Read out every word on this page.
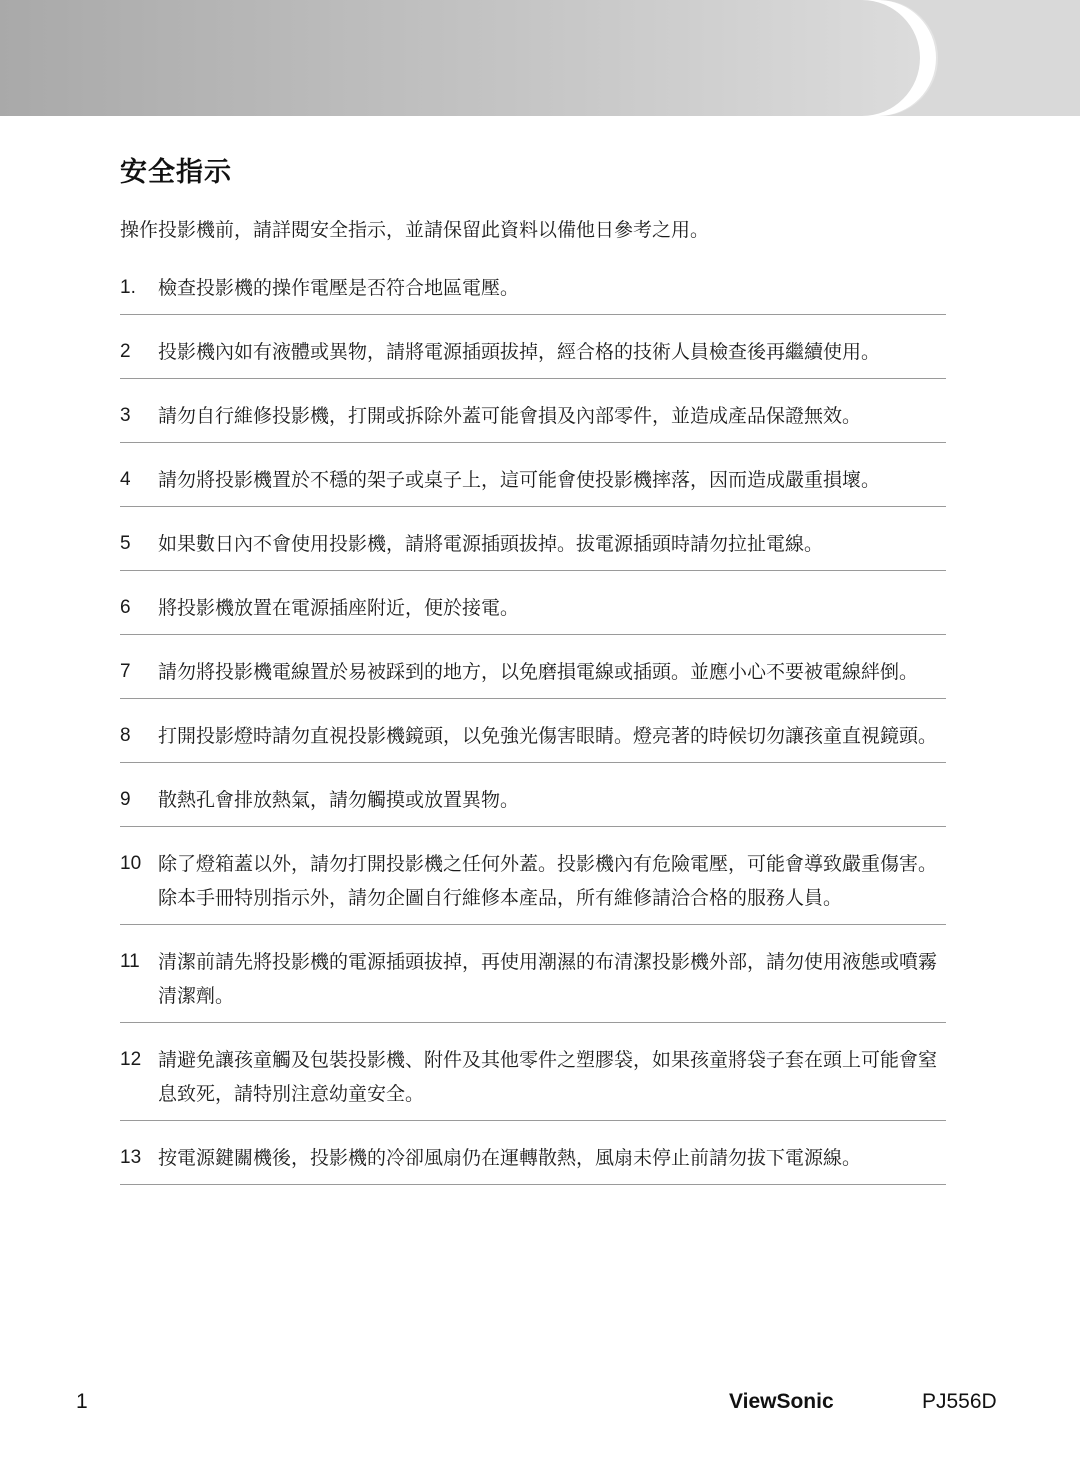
安全指示
操作投影機前，請詳閱安全指示，並請保留此資料以備他日參考之用。
1.	檢查投影機的操作電壓是否符合地區電壓。
2	投影機內如有液體或異物，請將電源插頭拔掉，經合格的技術人員檢查後再繼續使用。
3	請勿自行維修投影機，打開或拆除外蓋可能會損及內部零件，並造成產品保證無效。
4	請勿將投影機置於不穩的架子或桌子上，這可能會使投影機摔落，因而造成嚴重損壞。
5	如果數日內不會使用投影機，請將電源插頭拔掉。拔電源插頭時請勿拉扯電線。
6	將投影機放置在電源插座附近，便於接電。
7	請勿將投影機電線置於易被踩到的地方，以免磨損電線或插頭。並應小心不要被電線絆倒。
8	打開投影燈時請勿直視投影機鏡頭，以免強光傷害眼睛。燈亮著的時候切勿讓孩童直視鏡頭。
9	散熱孔會排放熱氣，請勿觸摸或放置異物。
10 除了燈箱蓋以外，請勿打開投影機之任何外蓋。投影機內有危險電壓，可能會導致嚴重傷害。除本手冊特別指示外，請勿企圖自行維修本產品，所有維修請洽合格的服務人員。
11 清潔前請先將投影機的電源插頭拔掉，再使用潮濕的布清潔投影機外部，請勿使用液態或噴霧清潔劑。
12 請避免讓孩童觸及包裝投影機、附件及其他零件之塑膠袋，如果孩童將袋子套在頭上可能會窒息致死，請特別注意幼童安全。
13 按電源鍵關機後，投影機的冷卻風扇仍在運轉散熱，風扇未停止前請勿拔下電源線。
1	ViewSonic	PJ556D
